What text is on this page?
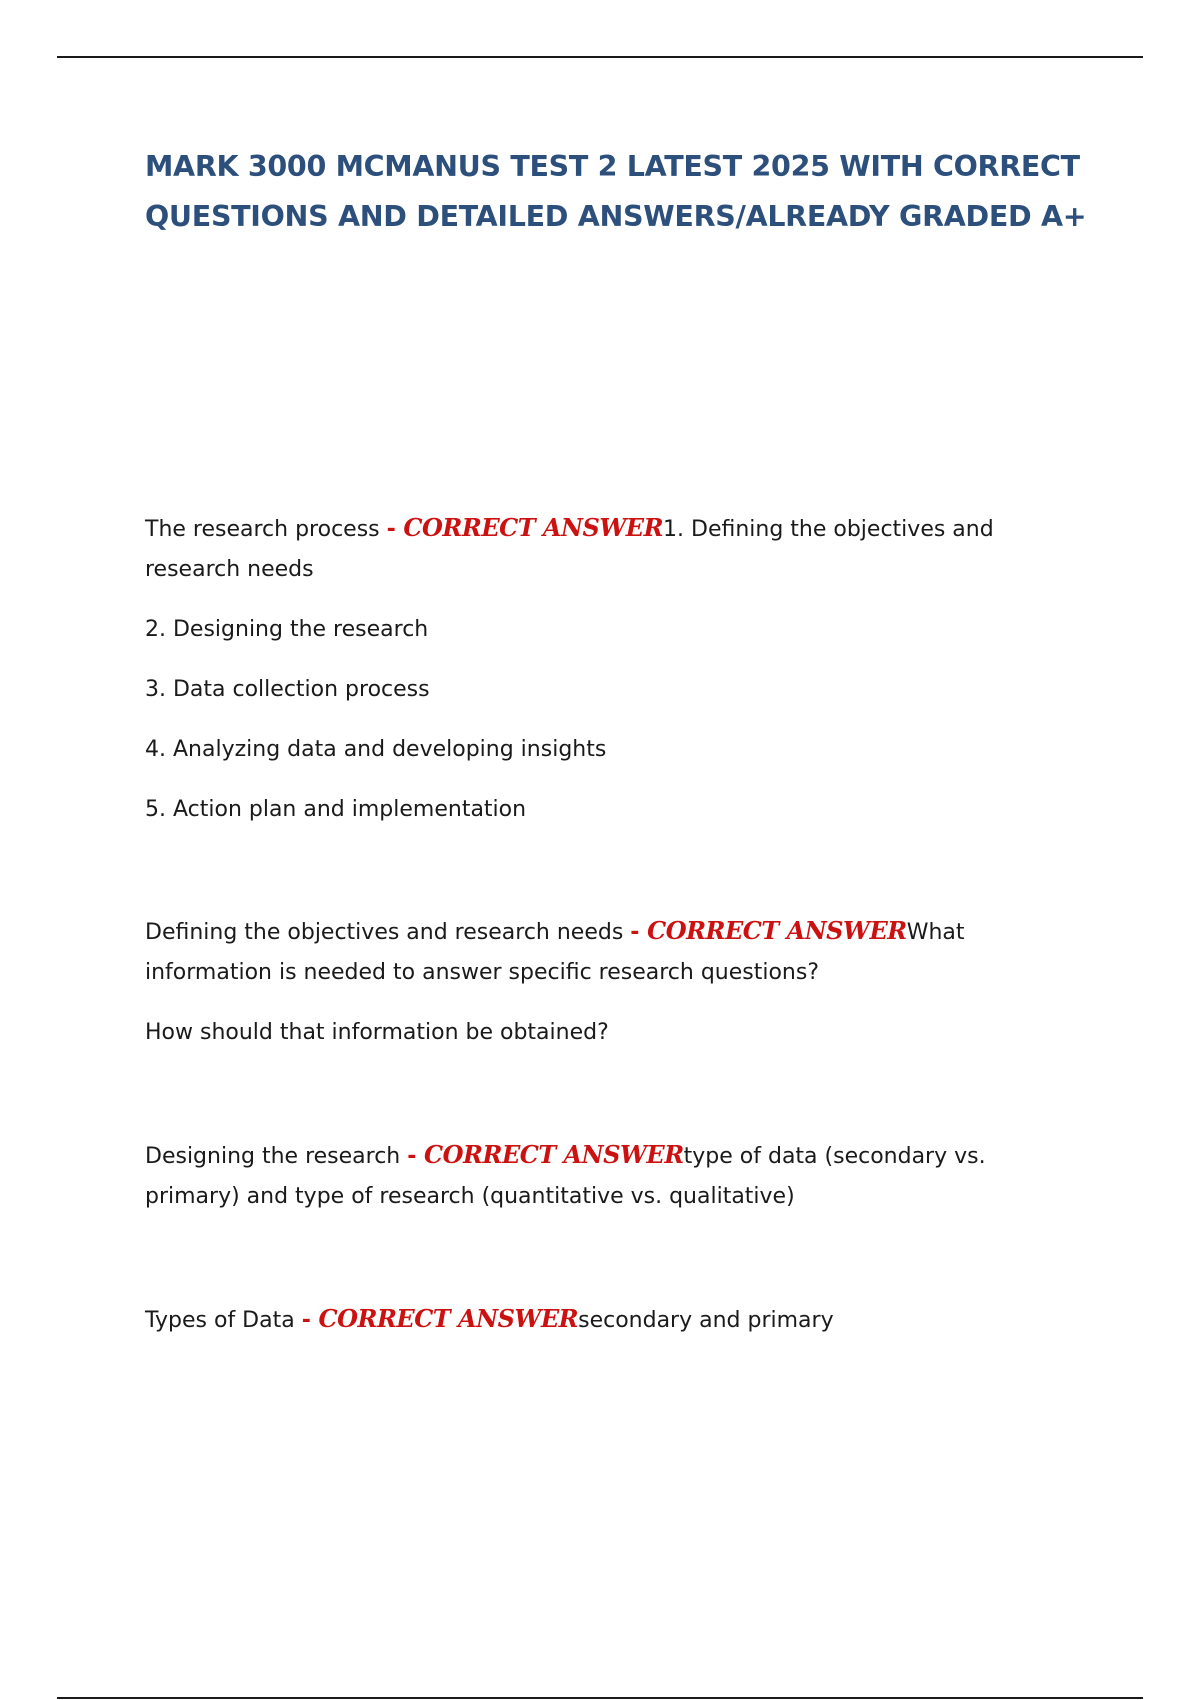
MARK 3000 MCMANUS TEST 2 LATEST 2025 WITH CORRECT
QUESTIONS AND DETAILED ANSWERS/ALREADY GRADED A+

The research process - CORRECT ANSWER1. Defining the objectives and research needs

2. Designing the research

3. Data collection process

4. Analyzing data and developing insights

5. Action plan and implementation

Defining the objectives and research needs - CORRECT ANSWERWhat information is needed to answer specific research questions?

How should that information be obtained?

Designing the research - CORRECT ANSWERtype of data (secondary vs. primary) and type of research (quantitative vs. qualitative)

Types of Data - CORRECT ANSWERsecondary and primary
